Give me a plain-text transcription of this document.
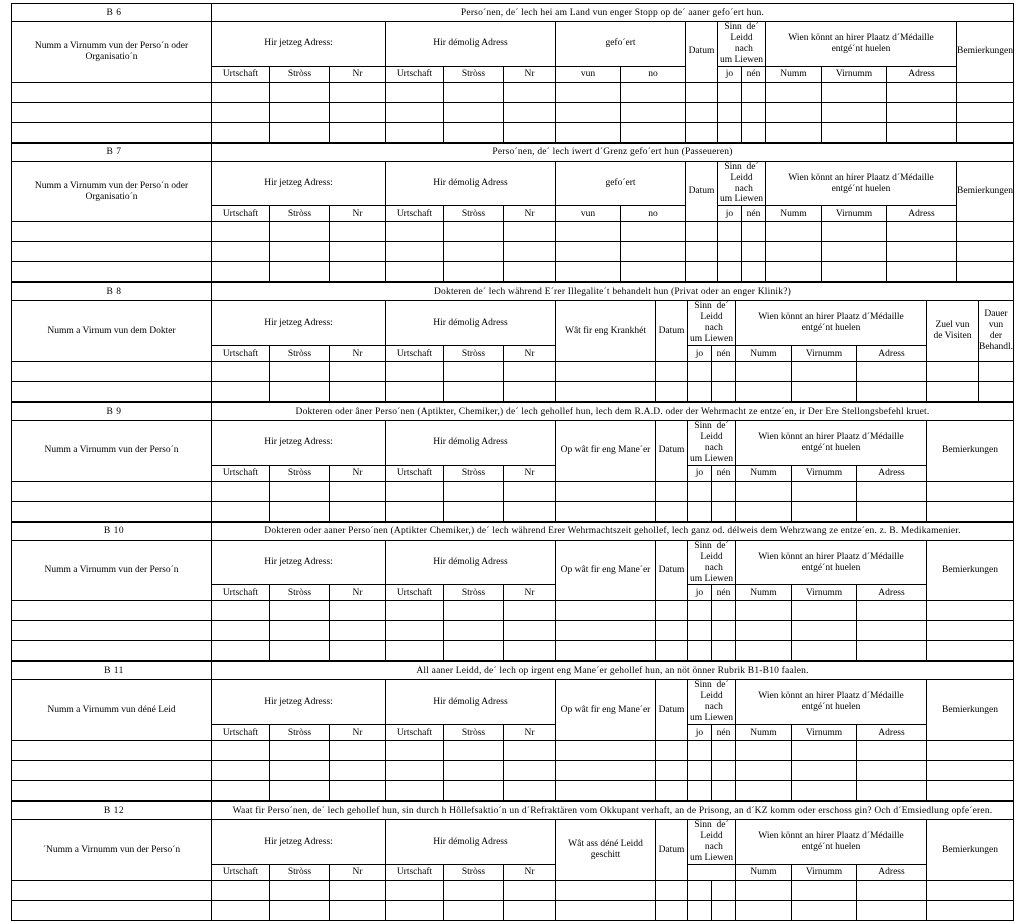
B 6	Perso´nen, de´ lech hei am Land vun enger Stopp op de´ aaner gefo´ert hun.														
Numm a Virnumm vun der Perso´n oder Organisatio´n	Hir jetzeg Adress:			Hir démolig Adress			gefo´ert		Datum	Sinn  de´
Leidd   nach
um Liewen		Wien könnt an hirer Plaatz d´Médaille
entgé´nt huelen			Bemierkungen
	Urtschaft	Stròss	Nr	Urtschaft	Stròss	Nr	vun	no		jo	nén	Numm	Virnumm	Adress	

B 7	Perso´nen, de´ lech iwert d´Grenz gefo´ert hun (Passeueren)														
Numm a Virnumm vun der Perso´n oder Organisatio´n	Hir jetzeg Adress:			Hir démolig Adress			gefo´ert		Datum	Sinn  de´
Leidd   nach
um Liewen		Wien könnt an hirer Plaatz d´Médaille
entgé´nt huelen			Bemierkungen
	Urtschaft	Stròss	Nr	Urtschaft	Stròss	Nr	vun	no		jo	nén	Numm	Virnumm	Adress	

B 8	Dokteren de´ lech während E´rer Illegalite´t behandelt hun (Privat oder an enger Klinik?)														
Numm a Virnum vun dem Dokter	Hir jetzeg Adress:			Hir démolig Adress			Wât fir eng Krankhét	Datum	Sinn  de´
Leidd   nach
um Liewen		Wien könnt an hirer Plaatz d´Médaille
entgé´nt huelen			Zuel vun
de Visiten	Dauer vun
der Behandl.
	Urtschaft	Stròss	Nr	Urtschaft	Stròss	Nr			jo	nén	Numm	Virnumm	Adress		

B 9	Dokteren oder âner Perso´nen (Aptikter, Chemiker,) de´ lech gehollef hun, lech dem R.A.D. oder der Wehrmacht ze entze´en, ir Der Ere Stellongsbefehl kruet.													
Numm a Virnumm vun der Perso´n	Hir jetzeg Adress:			Hir démolig Adress			Op wât fir eng Mane´er	Datum	Sinn  de´
Leidd   nach
um Liewen		Wien könnt an hirer Plaatz d´Médaille
entgé´nt huelen			Bemierkungen
	Urtschaft	Stròss	Nr	Urtschaft	Stròss	Nr			jo	nén	Numm	Virnumm	Adress	

B 10	Dokteren oder aaner Perso´nen (Aptikter Chemiker,) de´ lech während Erer Wehrmachtszeit gehollef, lech ganz od. délweis dem Wehrzwang ze entze´en. z. B. Medikamenier.													
Numm a Virnumm vun der Perso´n	Hir jetzeg Adress:			Hir démolig Adress			Op wât fir eng Mane´er	Datum	Sinn  de´
Leidd   nach
um Liewen		Wien könnt an hirer Plaatz d´Médaille
entgé´nt huelen			Bemierkungen
	Urtschaft	Stròss	Nr	Urtschaft	Stròss	Nr			jo	nén	Numm	Virnumm	Adress	

B 11	All aaner Leidd, de´ lech op irgent eng Mane´er gehollef hun, an nöt önner Rubrik B1-B10 faalen.													
Numm a Virnumm vun déné Leid	Hir jetzeg Adress:			Hir démolig Adress			Op wât fir eng Mane´er	Datum	Sinn  de´
Leidd   nach
um Liewen		Wien könnt an hirer Plaatz d´Médaille
entgé´nt huelen			Bemierkungen
	Urtschaft	Stròss	Nr	Urtschaft	Stròss	Nr			jo	nén	Numm	Virnumm	Adress	

B 12	Waat fir Perso´nen, de´ lech gehollef hun, sin durch h Hôllefsaktio´n un d´Refraktären vom Okkupant verhaft, an de Prisong, an d´KZ komm oder erschoss gin? Och d´Emsiedlung opfe´eren.													
´Numm a Virnumm vun der Perso´n	Hir jetzeg Adress:			Hir démolig Adress			Wât ass déné Leidd
geschitt	Datum	Sinn  de´
Leidd   nach
um Liewen		Wien könnt an hirer Plaatz d´Médaille
entgé´nt huelen			Bemierkungen
	Urtschaft	Stròss	Nr	Urtschaft	Stròss	Nr					Numm	Virnumm	Adress	
